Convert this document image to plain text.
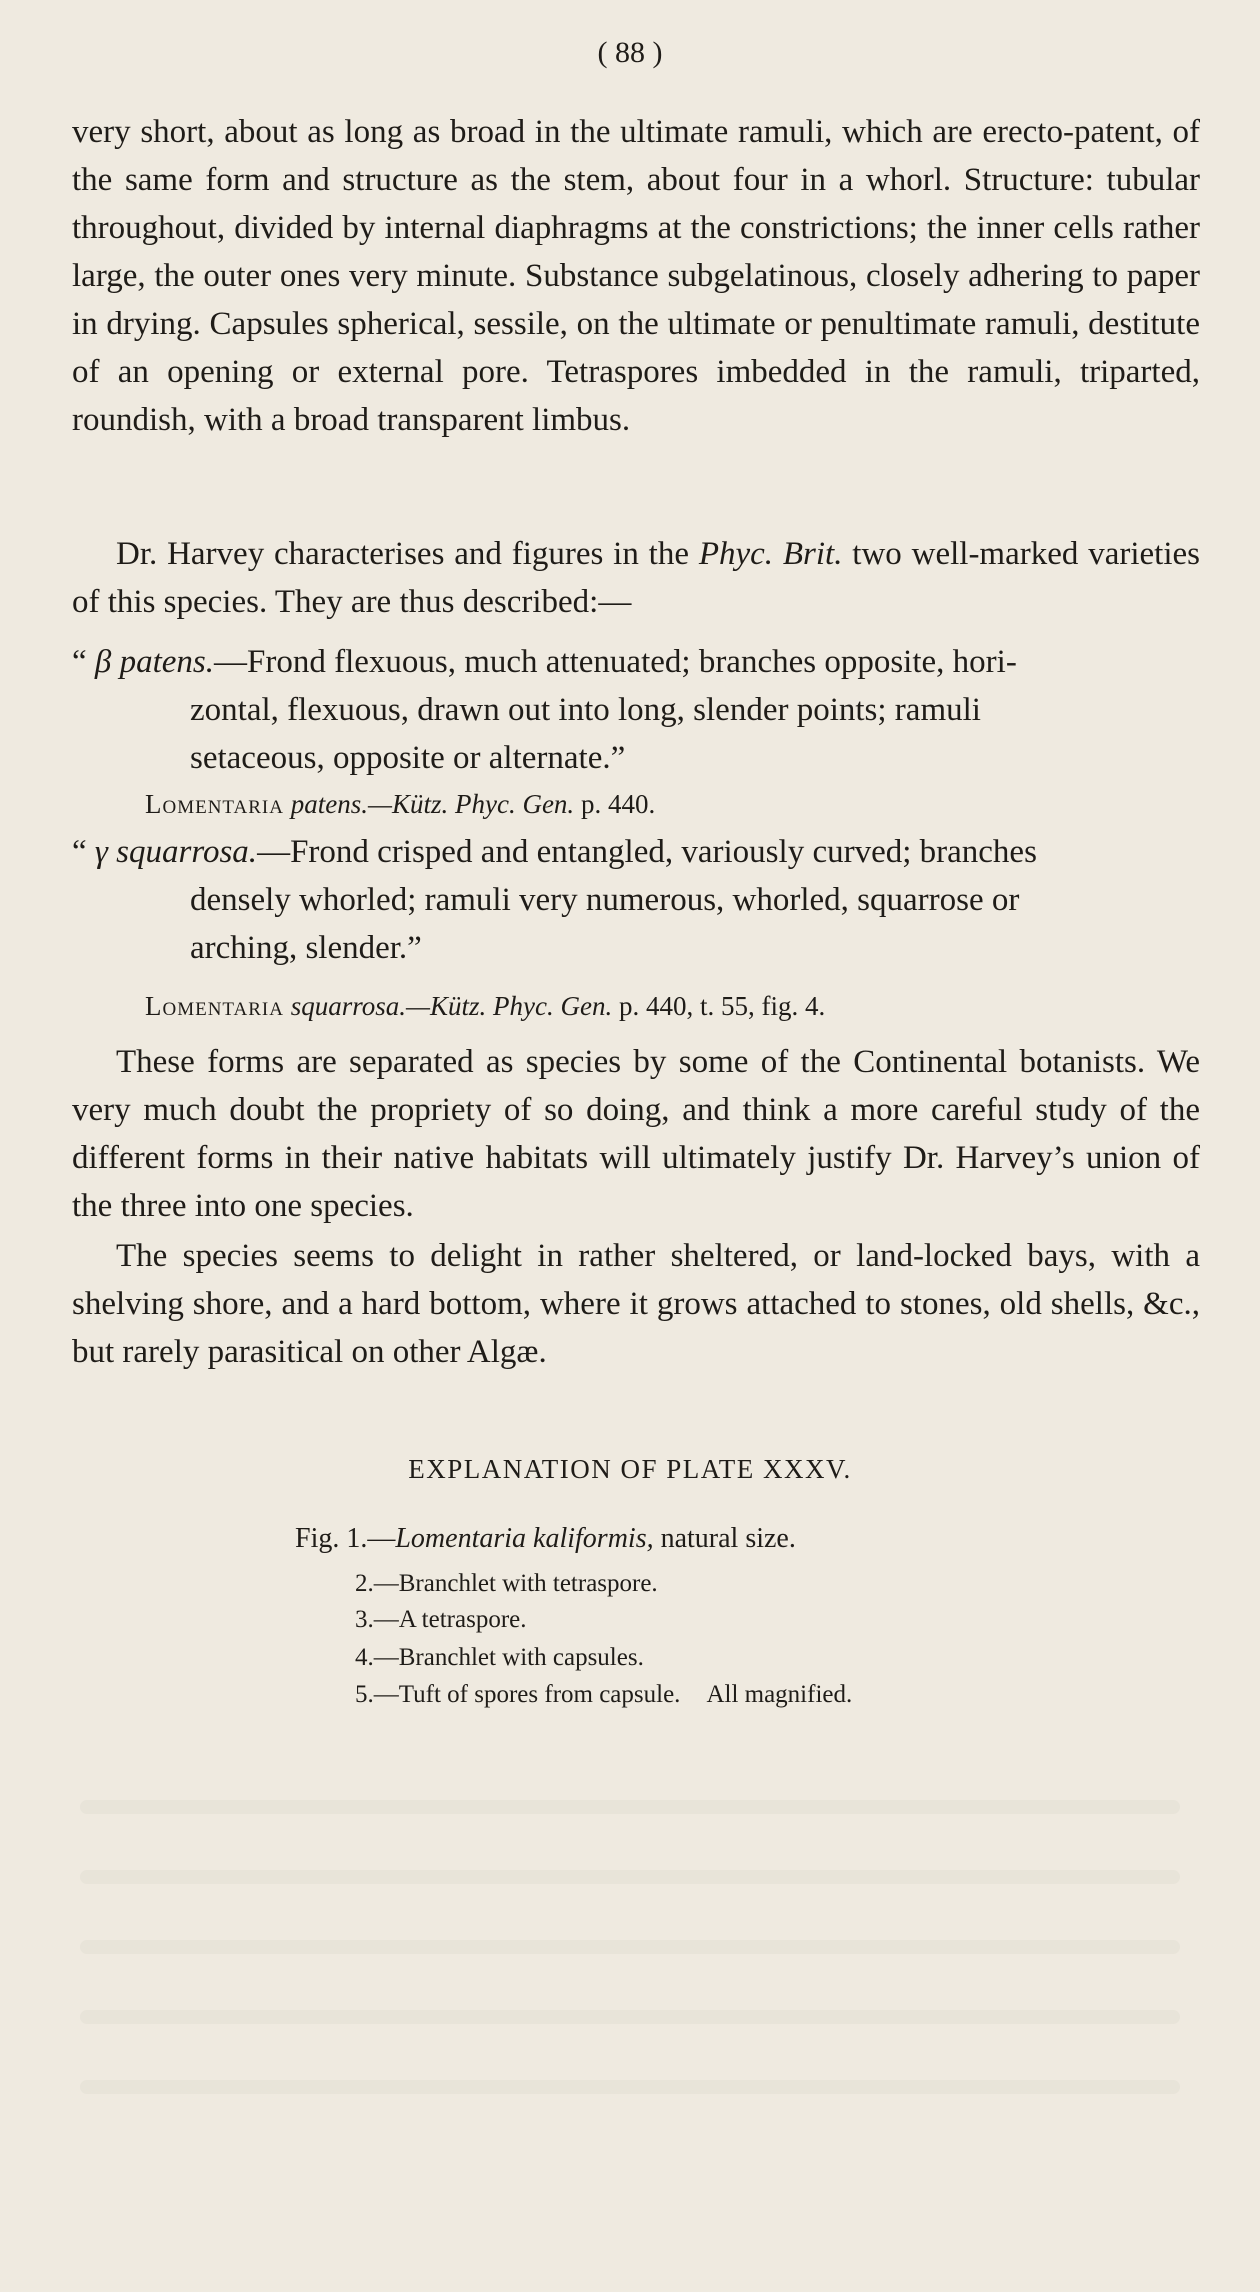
( 88 )

very short, about as long as broad in the ultimate ramuli, which are erecto-patent, of the same form and structure as the stem, about four in a whorl. Structure: tubular throughout, divided by internal diaphragms at the constrictions; the inner cells rather large, the outer ones very minute. Substance subgelatinous, closely adhering to paper in drying. Capsules spherical, sessile, on the ultimate or penultimate ramuli, destitute of an opening or external pore. Tetraspores imbedded in the ramuli, triparted, roundish, with a broad transparent limbus.

Dr. Harvey characterises and figures in the Phyc. Brit. two well-marked varieties of this species. They are thus described:—

“ β patens.—Frond flexuous, much attenuated; branches opposite, hori-
zontal, flexuous, drawn out into long, slender points; ramuli
setaceous, opposite or alternate.”
Lomentaria patens.—Kütz. Phyc. Gen. p. 440.
“ γ squarrosa.—Frond crisped and entangled, variously curved; branches
densely whorled; ramuli very numerous, whorled, squarrose or
arching, slender.”
Lomentaria squarrosa.—Kütz. Phyc. Gen. p. 440, t. 55, fig. 4.

These forms are separated as species by some of the Continental botanists. We very much doubt the propriety of so doing, and think a more careful study of the different forms in their native habitats will ultimately justify Dr. Harvey’s union of the three into one species.

The species seems to delight in rather sheltered, or land-locked bays, with a shelving shore, and a hard bottom, where it grows attached to stones, old shells, &c., but rarely parasitical on other Algæ.

EXPLANATION OF PLATE XXXV.
Fig. 1.—Lomentaria kaliformis, natural size.
2.—Branchlet with tetraspore.
3.—A tetraspore.
4.—Branchlet with capsules.
5.—Tuft of spores from capsule. All magnified.
